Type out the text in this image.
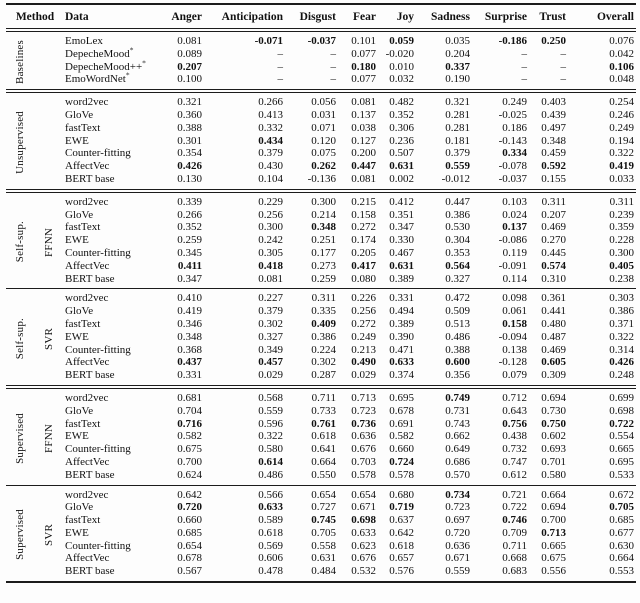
Method	Data	Anger	Anticipation	Disgust	Fear	Joy	Sadness	Surprise	Trust	Overall

Baselines	EmoLex	0.081	-0.071	-0.037	0.101	0.059	0.035	-0.186	0.250	0.076
	DepecheMood*	0.089	–	–	0.077	-0.020	0.204	–	–	0.042
	DepecheMood++*	0.207	–	–	0.180	0.010	0.337	–	–	0.106
	EmoWordNet*	0.100	–	–	0.077	0.032	0.190	–	–	0.048

Unsupervised	word2vec	0.321	0.266	0.056	0.081	0.482	0.321	0.249	0.403	0.254
	GloVe	0.360	0.413	0.031	0.137	0.352	0.281	-0.025	0.439	0.246
	fastText	0.388	0.332	0.071	0.038	0.306	0.281	0.186	0.497	0.249
	EWE	0.301	0.434	0.120	0.127	0.236	0.181	-0.143	0.348	0.194
	Counter-fitting	0.354	0.379	0.075	0.200	0.507	0.379	0.334	0.459	0.322
	AffectVec	0.426	0.430	0.262	0.447	0.631	0.559	-0.078	0.592	0.419
	BERT base	0.130	0.104	-0.136	0.081	0.002	-0.012	-0.037	0.155	0.033

Self-sup. FFNN	word2vec	0.339	0.229	0.300	0.215	0.412	0.447	0.103	0.311	0.311
	GloVe	0.266	0.256	0.214	0.158	0.351	0.386	0.024	0.207	0.239
	fastText	0.352	0.300	0.348	0.272	0.347	0.530	0.137	0.469	0.359
	EWE	0.259	0.242	0.251	0.174	0.330	0.304	-0.086	0.270	0.228
	Counter-fitting	0.345	0.305	0.177	0.205	0.467	0.353	0.119	0.445	0.300
	AffectVec	0.411	0.418	0.273	0.417	0.631	0.564	-0.091	0.574	0.405
	BERT base	0.347	0.081	0.259	0.080	0.389	0.327	0.114	0.310	0.238

Self-sup. SVR	word2vec	0.410	0.227	0.311	0.226	0.331	0.472	0.098	0.361	0.303
	GloVe	0.419	0.379	0.335	0.256	0.494	0.509	0.061	0.441	0.386
	fastText	0.346	0.302	0.409	0.272	0.389	0.513	0.158	0.480	0.371
	EWE	0.348	0.327	0.386	0.249	0.390	0.486	-0.094	0.487	0.322
	Counter-fitting	0.368	0.349	0.224	0.213	0.471	0.388	0.138	0.469	0.314
	AffectVec	0.437	0.457	0.302	0.490	0.633	0.600	-0.128	0.605	0.426
	BERT base	0.331	0.029	0.287	0.029	0.374	0.356	0.079	0.309	0.248

Supervised FFNN	word2vec	0.681	0.568	0.711	0.713	0.695	0.749	0.712	0.694	0.699
	GloVe	0.704	0.559	0.733	0.723	0.678	0.731	0.643	0.730	0.698
	fastText	0.716	0.596	0.761	0.736	0.691	0.743	0.756	0.750	0.722
	EWE	0.582	0.322	0.618	0.636	0.582	0.662	0.438	0.602	0.554
	Counter-fitting	0.675	0.580	0.641	0.676	0.660	0.649	0.732	0.693	0.665
	AffectVec	0.700	0.614	0.664	0.703	0.724	0.686	0.747	0.701	0.695
	BERT base	0.624	0.486	0.550	0.578	0.578	0.570	0.612	0.580	0.533

Supervised SVR	word2vec	0.642	0.566	0.654	0.654	0.680	0.734	0.721	0.664	0.672
	GloVe	0.720	0.633	0.727	0.671	0.719	0.723	0.722	0.694	0.705
	fastText	0.660	0.589	0.745	0.698	0.637	0.697	0.746	0.700	0.685
	EWE	0.685	0.618	0.705	0.633	0.642	0.720	0.709	0.713	0.677
	Counter-fitting	0.654	0.569	0.558	0.623	0.618	0.636	0.711	0.665	0.630
	AffectVec	0.678	0.606	0.631	0.676	0.657	0.671	0.668	0.675	0.664
	BERT base	0.567	0.478	0.484	0.532	0.576	0.559	0.683	0.556	0.553
